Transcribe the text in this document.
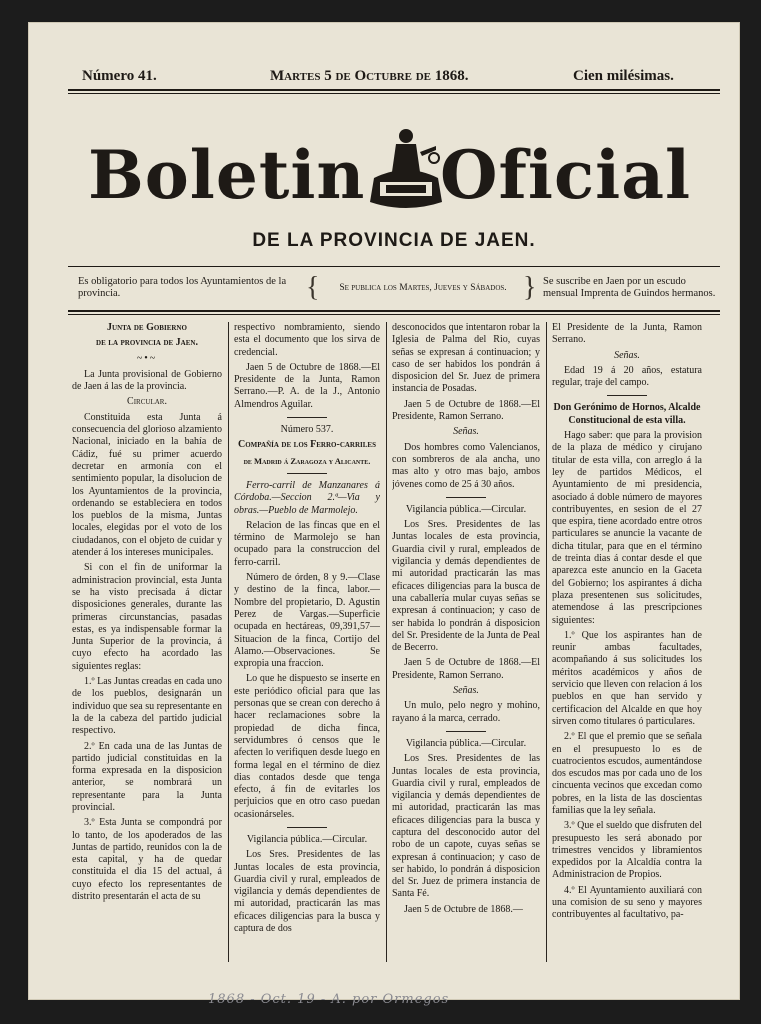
Número 41.	Martes 5 de Octubre de 1868.	Cien milésimas.
Boletin Oficial
DE LA PROVINCIA DE JAEN.
Es obligatorio para todos los Ayuntamientos de la provincia.	{	Se publica los Martes, Jueves y Sábados. } Se suscribe en Jaen por un escudo mensual Imprenta de Guindos hermanos.

Junta de Gobierno

de la provincia de Jaen.

~•~

La Junta provisional de Gobierno de Jaen á las de la provincia.

Circular.

Constituida esta Junta á consecuencia del glorioso alzamiento Nacional, iniciado en la bahía de Cádiz, fué su primer acuerdo decretar en armonía con el sentimiento popular, la disolucion de los Ayuntamientos de la provincia, ordenando se estableciera en todos los pueblos de la misma, Juntas locales, elegidas por el voto de los ciudadanos, con el objeto de cuidar y atender á los intereses municipales.

Si con el fin de uniformar la administracion provincial, esta Junta se ha visto precisada á dictar disposiciones generales, durante las primeras circunstancias, pasadas estas, es ya indispensable formar la Junta Superior de la provincia, á cuyo efecto ha acordado las siguientes reglas:

1.º Las Juntas creadas en cada uno de los pueblos, designarán un individuo que sea su representante en la de la cabeza del partido judicial respectivo.

2.º En cada una de las Juntas de partido judicial constituidas en la forma expresada en la disposicion anterior, se nombrará un representante para la Junta provincial.

3.º Esta Junta se compondrá por lo tanto, de los apoderados de las Juntas de partido, reunidos con la de esta capital, y ha de quedar constituida el dia 15 del actual, á cuyo efecto los representantes de distrito presentarán el acta de su

respectivo nombramiento, siendo esta el documento que los sirva de credencial.

Jaen 5 de Octubre de 1868.—El Presidente de la Junta, Ramon Serrano.—P. A. de la J., Antonio Almendros Aguilar.

Número 537.

Compañía de los Ferro-carriles

de Madrid á Zaragoza y Alicante.

Ferro-carril de Manzanares á Córdoba.—Seccion 2.ª—Via y obras.—Pueblo de Marmolejo.

Relacion de las fincas que en el término de Marmolejo se han ocupado para la construccion del ferro-carril.

Número de órden, 8 y 9.—Clase y destino de la finca, labor.—Nombre del propietario, D. Agustin Perez de Vargas.—Superficie ocupada en hectáreas, 09,391,57—Situacion de la finca, Cortijo del Alamo.—Observaciones. Se expropia una fraccion.

Lo que he dispuesto se inserte en este periódico oficial para que las personas que se crean con derecho á hacer reclamaciones sobre la propiedad de dicha finca, servidumbres ó censos que le afecten lo verifiquen desde luego en forma legal en el término de diez dias contados desde que tenga efecto, á fin de evitarles los perjuicios que en otro caso puedan ocasionárseles.

Vigilancia pública.—Circular.

Los Sres. Presidentes de las Juntas locales de esta provincia, Guardia civil y rural, empleados de vigilancia y demás dependientes de mi autoridad, practicarán las mas eficaces diligencias para la busca y captura de dos

desconocidos que intentaron robar la Iglesia de Palma del Rio, cuyas señas se expresan á continuacion; y caso de ser habidos los pondrán á disposicion del Sr. Juez de primera instancia de Posadas.

Jaen 5 de Octubre de 1868.—El Presidente, Ramon Serrano.

Señas.

Dos hombres como Valencianos, con sombreros de ala ancha, uno mas alto y otro mas bajo, ambos jóvenes como de 25 á 30 años.

Vigilancia pública.—Circular.

Los Sres. Presidentes de las Juntas locales de esta provincia, Guardia civil y rural, empleados de vigilancia y demás dependientes de mi autoridad practicarán las mas eficaces diligencias para la busca de una caballería mular cuyas señas se expresan á continuacion; y caso de ser habida lo pondrán á disposicion del Sr. Presidente de la Junta de Peal de Becerro.

Jaen 5 de Octubre de 1868.—El Presidente, Ramon Serrano.

Señas.

Un mulo, pelo negro y mohino, rayano á la marca, cerrado.

Vigilancia pública.—Circular.

Los Sres. Presidentes de las Juntas locales de esta provincia, Guardia civil y rural, empleados de vigilancia y demás dependientes de mi autoridad, practicarán las mas eficaces diligencias para la busca y captura del desconocido autor del robo de un capote, cuyas señas se expresan á continuacion; y caso de ser habido, lo pondrán á disposicion del Sr. Juez de primera instancia de Santa Fé.

Jaen 5 de Octubre de 1868.—

El Presidente de la Junta, Ramon Serrano.

Señas.

Edad 19 á 20 años, estatura regular, traje del campo.

Don Gerónimo de Hornos, Alcalde Constitucional de esta villa.

Hago saber: que para la provision de la plaza de médico y cirujano titular de esta villa, con arreglo á la ley de partidos Médicos, el Ayuntamiento de mi presidencia, asociado á doble número de mayores contribuyentes, en sesion de el 27 que espira, tiene acordado entre otros particulares se anuncie la vacante de dicha titular, para que en el término de treinta dias á contar desde el que aparezca este anuncio en la Gaceta del Gobierno; los aspirantes á dicha plaza presentenen sus solicitudes, atemendose á las prescripciones siguientes:

1.º Que los aspirantes han de reunir ambas facultades, acompañando á sus solicitudes los méritos académicos y años de servicio que lleven con relacion á los pueblos en que han servido y certificacion del Alcalde en que hoy sirven como titulares ó particulares.

2.º El que el premio que se señala en el presupuesto lo es de cuatrocientos escudos, aumentándose dos escudos mas por cada uno de los cincuenta vecinos que excedan como pobres, en la lista de las doscientas familias que la ley señala.

3.º Que el sueldo que disfruten del presupuesto les será abonado por trimestres vencidos y libramientos expedidos por la Alcaldía contra la Administracion de Propios.

4.º El Ayuntamiento auxiliará con una comision de su seno y mayores contribuyentes al facultativo, pa-

1868 - Oct. 19 - A. por Ormegos
